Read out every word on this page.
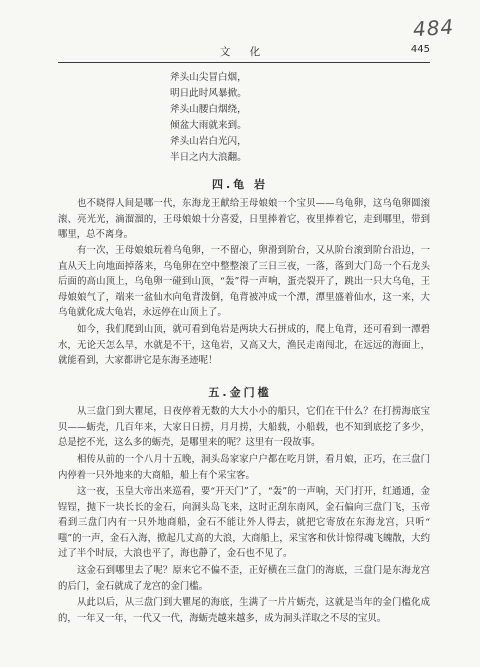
484
文 化	445
斧头山尖冒白烟，
明日此时风暴掀。
斧头山腰白烟绕，
倾盆大雨就来到。
斧头山岩白光闪，
半日之内大浪翻。
四.龟 岩

也不晓得人间是哪一代，东海龙王献给王母娘娘一个宝贝——乌龟卵，这乌龟卵圆滚滚、亮光光，滴溜溜的，王母娘娘十分喜爱，日里捧着它，夜里捧着它，走到哪里，带到哪里，总不离身。

有一次，王母娘娘玩着乌龟卵，一不留心，卵滑到阶台，又从阶台滚到阶台沿边，一直从天上向地面掉落来，乌龟卵在空中整整滚了三日三夜，一落，落到大门岛一个石龙头后面的高山顶上，乌龟卵一碰到山顶，“轰”得一声响，蛋壳裂开了，跳出一只大乌龟，王母娘娘气了，端来一盆仙水向龟背泼倒，龟背被冲成一个潭，潭里盛着仙水，这一来，大乌龟就化成大龟岩，永远停在山顶上了。

如今，我们爬到山顶，就可看到龟岩是两块大石拼成的，爬上龟背，还可看到一潭碧水，无论天怎么旱，水就是不干，这龟岩，又高又大，渔民走南闯北，在远远的海面上，就能看到，大家都讲它是东海圣迹呢！

五.金门槛

从三盘门到大瞿尾，日夜停着无数的大大小小的船只，它们在干什么？在打捞海底宝贝——蛎壳，几百年来，大家日日捞，月月捞，大船载，小船载，也不知到底挖了多少，总是挖不光，这么多的蛎壳，是哪里来的呢？这里有一段故事。

相传从前的一个八月十五晚，洞头岛家家户户都在吃月饼，看月娘，正巧，在三盘门内停着一只外地来的大商船，船上有个采宝客。

这一夜，玉皇大帝出来巡看，要“开天门”了，“轰”的一声响，天门打开，红通通，金锃锃，抛下一块长长的金石，向洞头岛飞来，这时正刮东南风，金石偏向三盘门飞，玉帝看到三盘门内有一只外地商船，金石不能让外人得去，就把它寄放在东海龙宫，只听“ 嗤”的一声，金石入海，掀起几丈高的大浪，大商船上，采宝客和伙计惊得魂飞魄散，大约过了半个时辰，大浪也平了，海也静了，金石也不见了。

这金石到哪里去了呢？原来它不偏不歪，正好横在三盘门的海底，三盘门是东海龙宫的后门，金石就成了龙宫的金门槛。

从此以后，从三盘门到大瞿尾的海底，生满了一片片蛎壳，这就是当年的金门槛化成的，一年又一年，一代又一代，海蛎壳越来越多，成为洞头洋取之不尽的宝贝。
